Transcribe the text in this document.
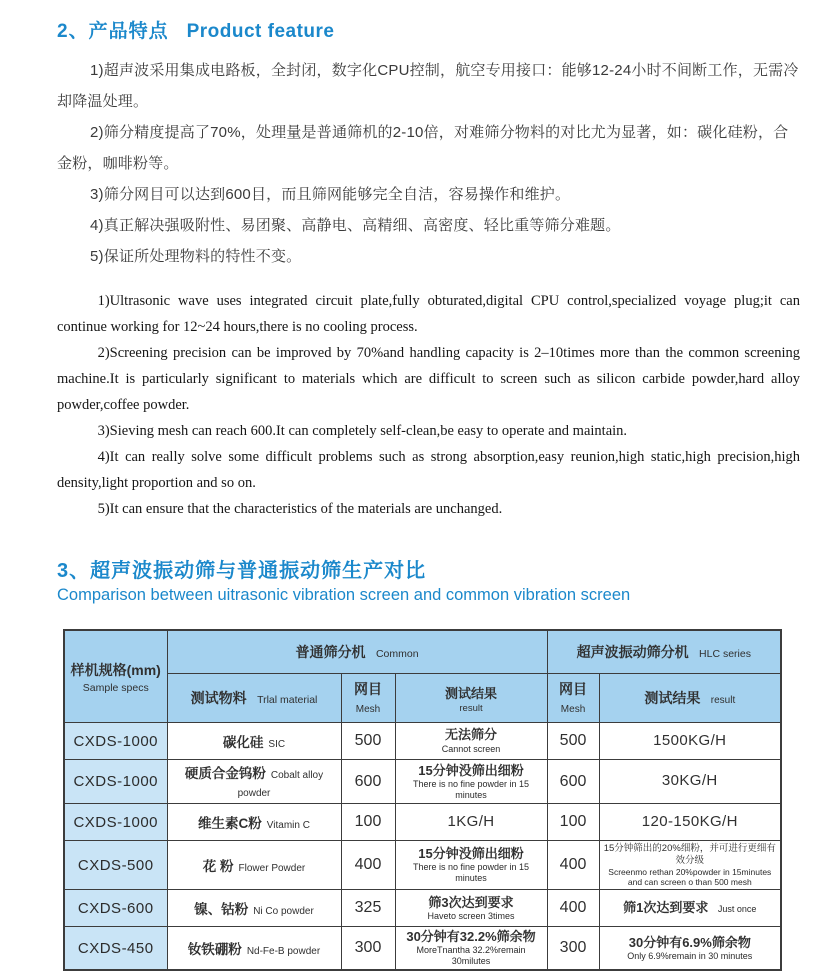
2、产品特点 Product feature

1)超声波采用集成电路板，全封闭，数字化CPU控制，航空专用接口：能够12-24小时不间断工作，无需冷却降温处理。

2)筛分精度提高了70%，处理量是普通筛机的2-10倍，对难筛分物料的对比尤为显著，如：碳化硅粉，合金粉，咖啡粉等。

3)筛分网目可以达到600目，而且筛网能够完全自洁，容易操作和维护。

4)真正解决强吸附性、易团聚、高静电、高精细、高密度、轻比重等筛分难题。

5)保证所处理物料的特性不变。

1)Ultrasonic wave uses integrated circuit plate,fully obturated,digital CPU control,specialized voyage plug;it can continue working for 12~24 hours,there is no cooling process.

2)Screening precision can be improved by 70%and handling capacity is 2–10times more than the common screening machine.It is particularly significant to materials which are difficult to screen such as silicon carbide powder,hard alloy powder,coffee powder.

3)Sieving mesh can reach 600.It can completely self-clean,be easy to operate and maintain.

4)It can really solve some difficult problems such as strong absorption,easy reunion,high static,high precision,high density,light proportion and so on.

5)It can ensure that the characteristics of the materials are unchanged.

3、超声波振动筛与普通振动筛生产对比
Comparison between uitrasonic vibration screen and common vibration screen
样机规格(mm)
Sample specs	普通筛分机 Common			超声波振动筛分机 HLC series	
	测试物料 Trlal material	网目Mesh	测试结果
result	网目Mesh	测试结果 result
CXDS-1000	碳化硅 SIC	500	无法筛分
Cannot screen	500	1500KG/H

CXDS-1000	硬质合金钨粉 Cobalt alloy powder	600	15分钟没筛出细粉
There is no fine powder in 15 minutes	600	30KG/H

CXDS-1000	维生素C粉 Vitamin C	100	1KG/H	100	120-150KG/H

CXDS-500	花 粉 Flower Powder	400	15分钟没筛出细粉
There is no fine powder in 15 minutes	400	15分钟筛出的20%细粉，并可进行更细有效分级
Screenmo rethan 20%powder in 15minutes and can screen o than 500 mesh

CXDS-600	镍、钴粉 Ni Co powder	325	筛3次达到要求
Haveto screen 3times	400	筛1次达到要求 Just once
CXDS-450	钕铁硼粉 Nd-Fe-B powder	300	30分钟有32.2%筛余物
MoreTnantha 32.2%remain 30milutes	300	30分钟有6.9%筛余物
Only 6.9%remain in 30 minutes
